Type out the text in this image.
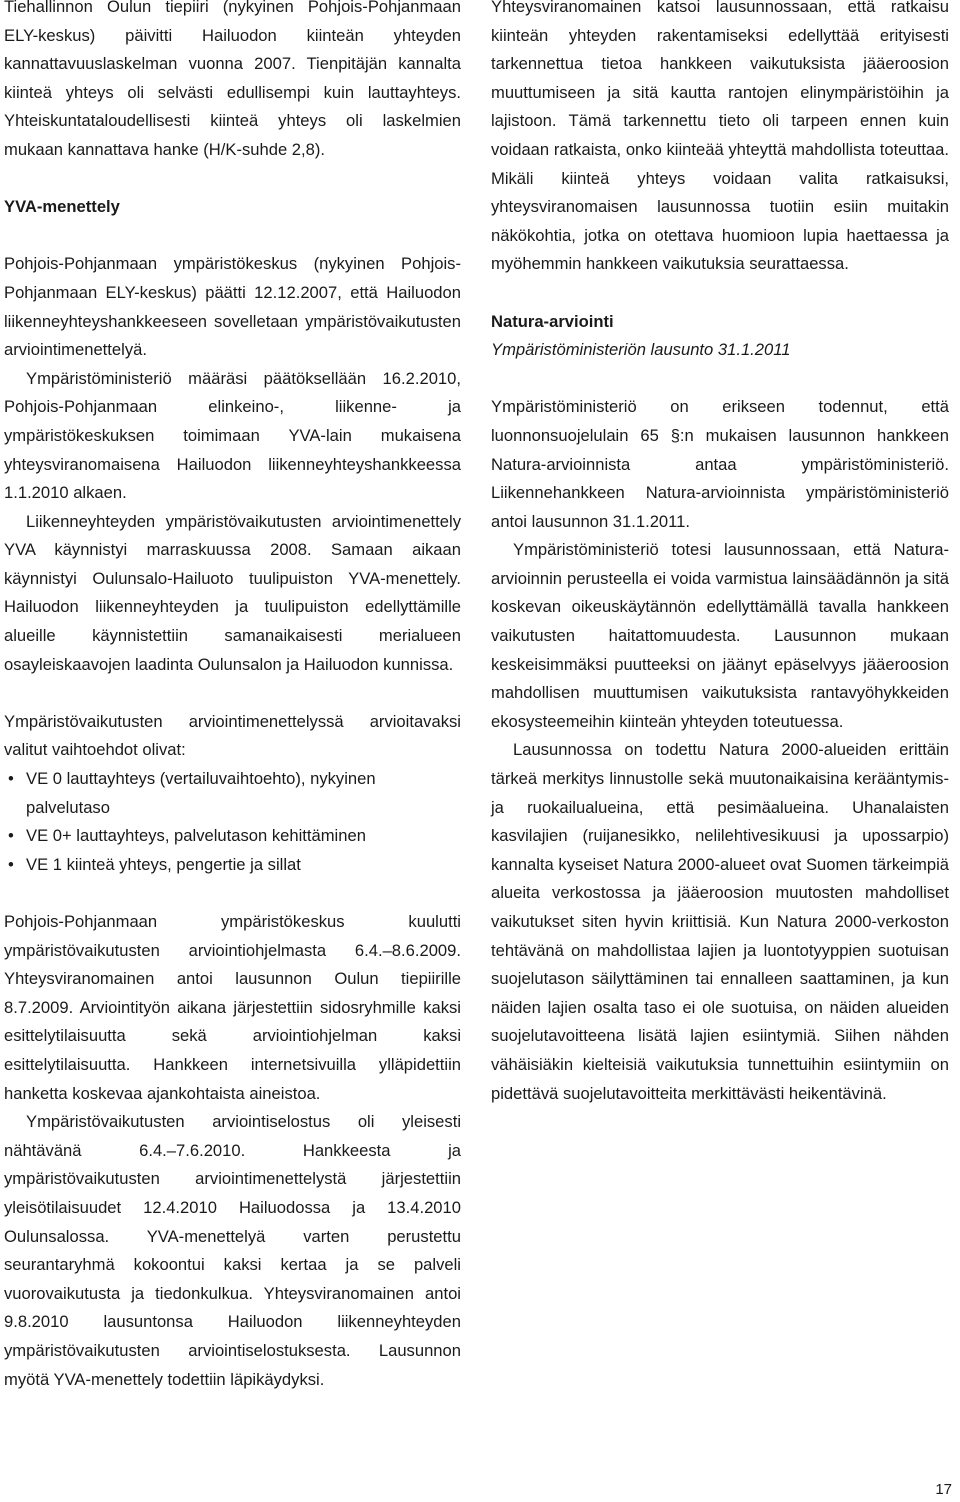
Tiehallinnon Oulun tiepiiri (nykyinen Pohjois-Pohjanmaan ELY-keskus) päivitti Hailuodon kiinteän yhteyden kannattavuuslaskelman vuonna 2007. Tienpitäjän kannalta kiinteä yhteys oli selvästi edullisempi kuin lauttayhteys. Yhteiskuntataloudellisesti kiinteä yhteys oli laskelmien mukaan kannattava hanke (H/K-suhde 2,8).

YVA-menettely

Pohjois-Pohjanmaan ympäristökeskus (nykyinen Pohjois-Pohjanmaan ELY-keskus) päätti 12.12.2007, että Hailuodon liikenneyhteyshankkeeseen sovelletaan ympäristövaikutusten arviointimenettelyä.

Ympäristöministeriö määräsi päätöksellään 16.2.2010, Pohjois-Pohjanmaan elinkeino-, liikenne- ja ympäristökeskuksen toimimaan YVA-lain mukaisena yhteysviranomaisena Hailuodon liikenneyhteyshankkeessa 1.1.2010 alkaen.

Liikenneyhteyden ympäristövaikutusten arviointimenettely YVA käynnistyi marraskuussa 2008. Samaan aikaan käynnistyi Oulunsalo-Hailuoto tuulipuiston YVA-menettely. Hailuodon liikenneyhteyden ja tuulipuiston edellyttämille alueille käynnistettiin samanaikaisesti merialueen osayleiskaavojen laadinta Oulunsalon ja Hailuodon kunnissa.

Ympäristövaikutusten arviointimenettelyssä arvioitavaksi valitut vaihtoehdot olivat:

• VE 0 lauttayhteys (vertailuvaihtoehto), nykyinen palvelutaso
• VE 0+ lauttayhteys, palvelutason kehittäminen
• VE 1 kiinteä yhteys, pengertie ja sillat

Pohjois-Pohjanmaan ympäristökeskus kuulutti ympäristövaikutusten arviointiohjelmasta 6.4.–8.6.2009. Yhteysviranomainen antoi lausunnon Oulun tiepiirille 8.7.2009. Arviointityön aikana järjestettiin sidosryhmille kaksi esittelytilaisuutta sekä arviointiohjelman kaksi esittelytilaisuutta. Hankkeen internetsivuilla ylläpidettiin hanketta koskevaa ajankohtaista aineistoa.

Ympäristövaikutusten arviointiselostus oli yleisesti nähtävänä 6.4.–7.6.2010. Hankkeesta ja ympäristövaikutusten arviointimenettelystä järjestettiin yleisötilaisuudet 12.4.2010 Hailuodossa ja 13.4.2010 Oulunsalossa. YVA-menettelyä varten perustettu seurantaryhmä kokoontui kaksi kertaa ja se palveli vuorovaikutusta ja tiedonkulkua. Yhteysviranomainen antoi 9.8.2010 lausuntonsa Hailuodon liikenneyhteyden ympäristövaikutusten arviointiselostuksesta. Lausunnon myötä YVA-menettely todettiin läpikäydyksi.

Yhteysviranomainen katsoi lausunnossaan, että ratkaisu kiinteän yhteyden rakentamiseksi edellyttää erityisesti tarkennettua tietoa hankkeen vaikutuksista jääeroosion muuttumiseen ja sitä kautta rantojen elinympäristöihin ja lajistoon. Tämä tarkennettu tieto oli tarpeen ennen kuin voidaan ratkaista, onko kiinteää yhteyttä mahdollista toteuttaa. Mikäli kiinteä yhteys voidaan valita ratkaisuksi, yhteysviranomaisen lausunnossa tuotiin esiin muitakin näkökohtia, jotka on otettava huomioon lupia haettaessa ja myöhemmin hankkeen vaikutuksia seurattaessa.

Natura-arviointi

Ympäristöministeriön lausunto 31.1.2011

Ympäristöministeriö on erikseen todennut, että luonnonsuojelulain 65 §:n mukaisen lausunnon hankkeen Natura-arvioinnista antaa ympäristöministeriö. Liikennehankkeen Natura-arvioinnista ympäristöministeriö antoi lausunnon 31.1.2011.

Ympäristöministeriö totesi lausunnossaan, että Natura-arvioinnin perusteella ei voida varmistua lainsäädännön ja sitä koskevan oikeuskäytännön edellyttämällä tavalla hankkeen vaikutusten haitattomuudesta. Lausunnon mukaan keskeisimmäksi puutteeksi on jäänyt epäselvyys jääeroosion mahdollisen muuttumisen vaikutuksista rantavyöhykkeiden ekosysteemeihin kiinteän yhteyden toteutuessa.

Lausunnossa on todettu Natura 2000-alueiden erittäin tärkeä merkitys linnustolle sekä muutonaikaisina kerääntymis- ja ruokailualueina, että pesimäalueina. Uhanalaisten kasvilajien (ruijanesikko, nelilehtivesikuusi ja upossarpio) kannalta kyseiset Natura 2000-alueet ovat Suomen tärkeimpiä alueita verkostossa ja jääeroosion muutosten mahdolliset vaikutukset siten hyvin kriittisiä. Kun Natura 2000-verkoston tehtävänä on mahdollistaa lajien ja luontotyyppien suotuisan suojelutason säilyttäminen tai ennalleen saattaminen, ja kun näiden lajien osalta taso ei ole suotuisa, on näiden alueiden suojelutavoitteena lisätä lajien esiintymiä. Siihen nähden vähäisiäkin kielteisiä vaikutuksia tunnettuihin esiintymiin on pidettävä suojelutavoitteita merkittävästi heikentävinä.

17
